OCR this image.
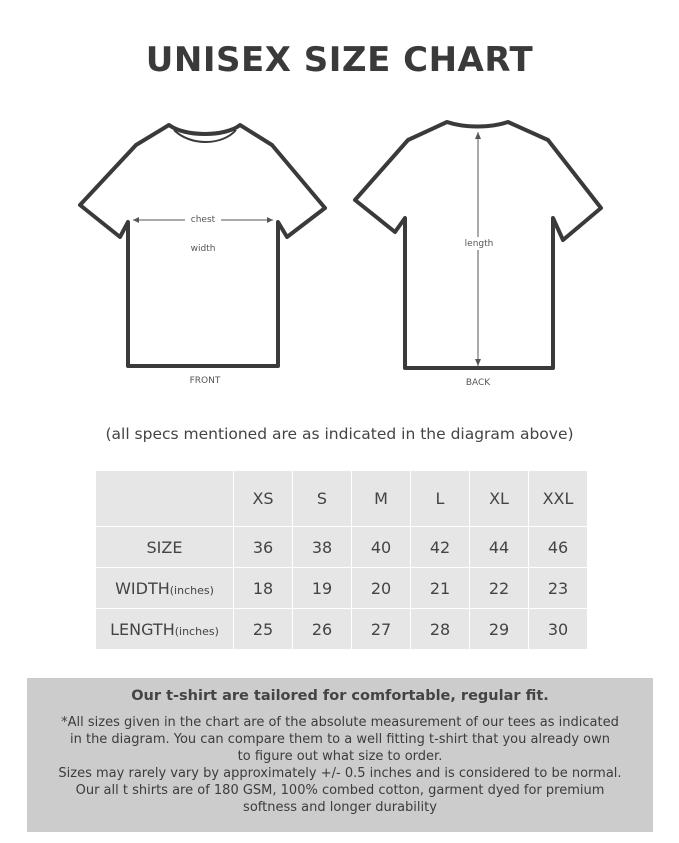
UNISEX SIZE CHART
chest
width
FRONT
length
BACK
(all specs mentioned are as indicated in the diagram above)
	XS	S	M	L	XL	XXL
SIZE	36	38	40	42	44	46
WIDTH(inches)	18	19	20	21	22	23
LENGTH(inches)	25	26	27	28	29	30
Our t-shirt are tailored for comfortable, regular fit.
*All sizes given in the chart are of the absolute measurement of our tees as indicated
in the diagram. You can compare them to a well fitting t-shirt that you already own
to figure out what size to order.
Sizes may rarely vary by approximately +/- 0.5 inches and is considered to be normal.
Our all t shirts are of 180 GSM, 100% combed cotton, garment dyed for premium
softness and longer durability
